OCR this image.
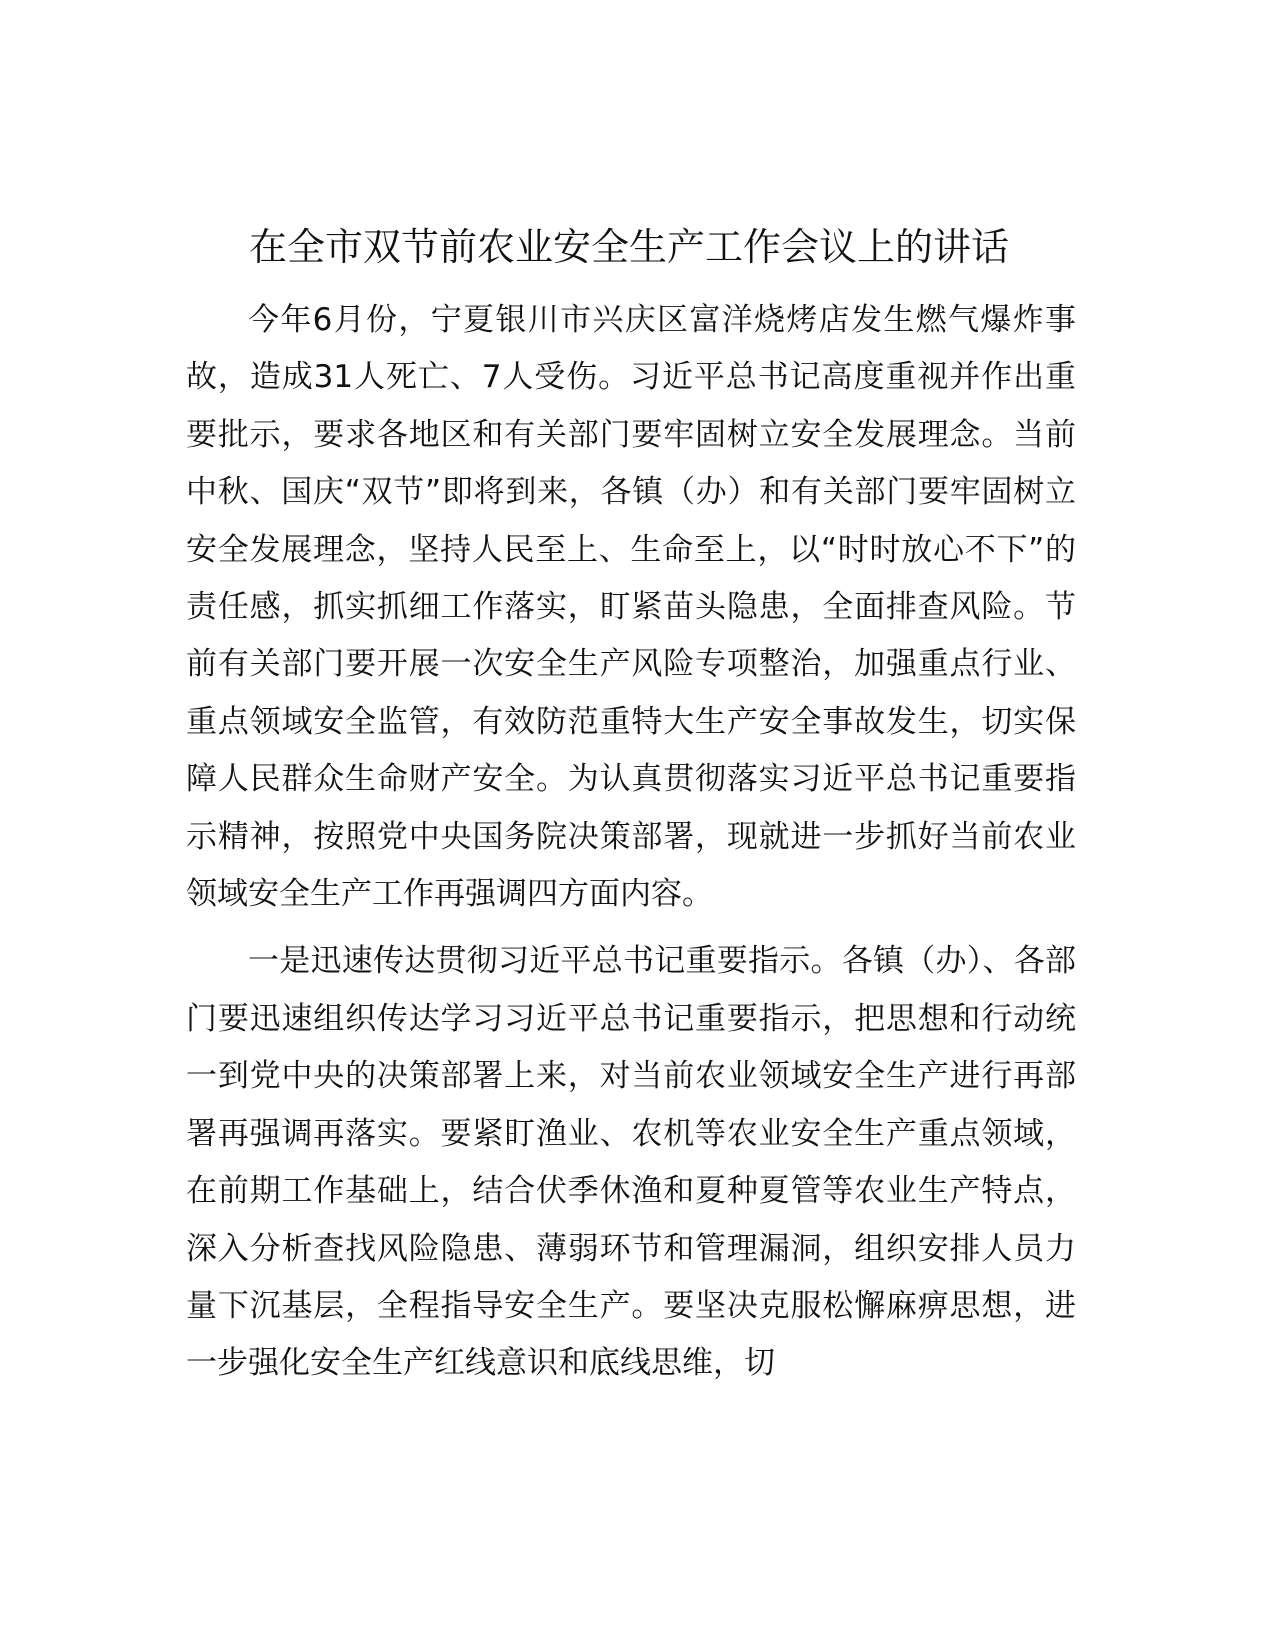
在全市双节前农业安全生产工作会议上的讲话

今年6月份，宁夏银川市兴庆区富洋烧烤店发生燃气爆炸事故，造成31人死亡、7人受伤。习近平总书记高度重视并作出重要批示，要求各地区和有关部门要牢固树立安全发展理念。当前中秋、国庆“双节”即将到来，各镇（办）和有关部门要牢固树立安全发展理念，坚持人民至上、生命至上，以“时时放心不下”的责任感，抓实抓细工作落实，盯紧苗头隐患，全面排查风险。节前有关部门要开展一次安全生产风险专项整治，加强重点行业、重点领域安全监管，有效防范重特大生产安全事故发生，切实保障人民群众生命财产安全。为认真贯彻落实习近平总书记重要指示精神，按照党中央国务院决策部署，现就进一步抓好当前农业领域安全生产工作再强调四方面内容。

一是迅速传达贯彻习近平总书记重要指示。各镇（办）、各部门要迅速组织传达学习习近平总书记重要指示，把思想和行动统一到党中央的决策部署上来，对当前农业领域安全生产进行再部署再强调再落实。要紧盯渔业、农机等农业安全生产重点领域，在前期工作基础上，结合伏季休渔和夏种夏管等农业生产特点，深入分析查找风险隐患、薄弱环节和管理漏洞，组织安排人员力量下沉基层，全程指导安全生产。要坚决克服松懈麻痹思想，进一步强化安全生产红线意识和底线思维，切
